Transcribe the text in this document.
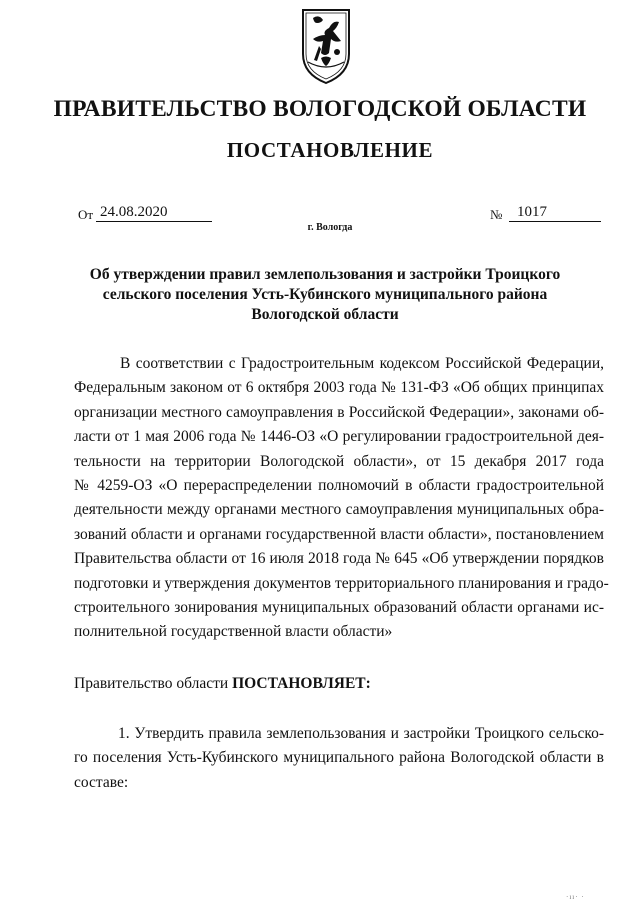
ПРАВИТЕЛЬСТВО ВОЛОГОДСКОЙ ОБЛАСТИ
ПОСТАНОВЛЕНИЕ
От 24.08.2020	№ 1017
г. Вологда
Об утверждении правил землепользования и застройки Троицкого
сельского поселения Усть-Кубинского муниципального района
Вологодской области
В соответствии с Градостроительным кодексом Российской Федерации,
Федеральным законом от 6 октября 2003 года № 131-ФЗ «Об общих принципах
организации местного самоуправления в Российской Федерации», законами об-
ласти от 1 мая 2006 года № 1446-ОЗ «О регулировании градостроительной дея-
тельности на территории Вологодской области», от 15 декабря 2017 года
№ 4259-ОЗ «О перераспределении полномочий в области градостроительной
деятельности между органами местного самоуправления муниципальных обра-
зований области и органами государственной власти области», постановлением
Правительства области от 16 июля 2018 года № 645 «Об утверждении порядков
подготовки и утверждения документов территориального планирования и градо-
строительного зонирования муниципальных образований области органами ис-
полнительной государственной власти области»
Правительство области ПОСТАНОВЛЯЕТ:
1. Утвердить правила землепользования и застройки Троицкого сельско-
го поселения Усть-Кубинского муниципального района Вологодской области в
составе:
·ıı· ·
